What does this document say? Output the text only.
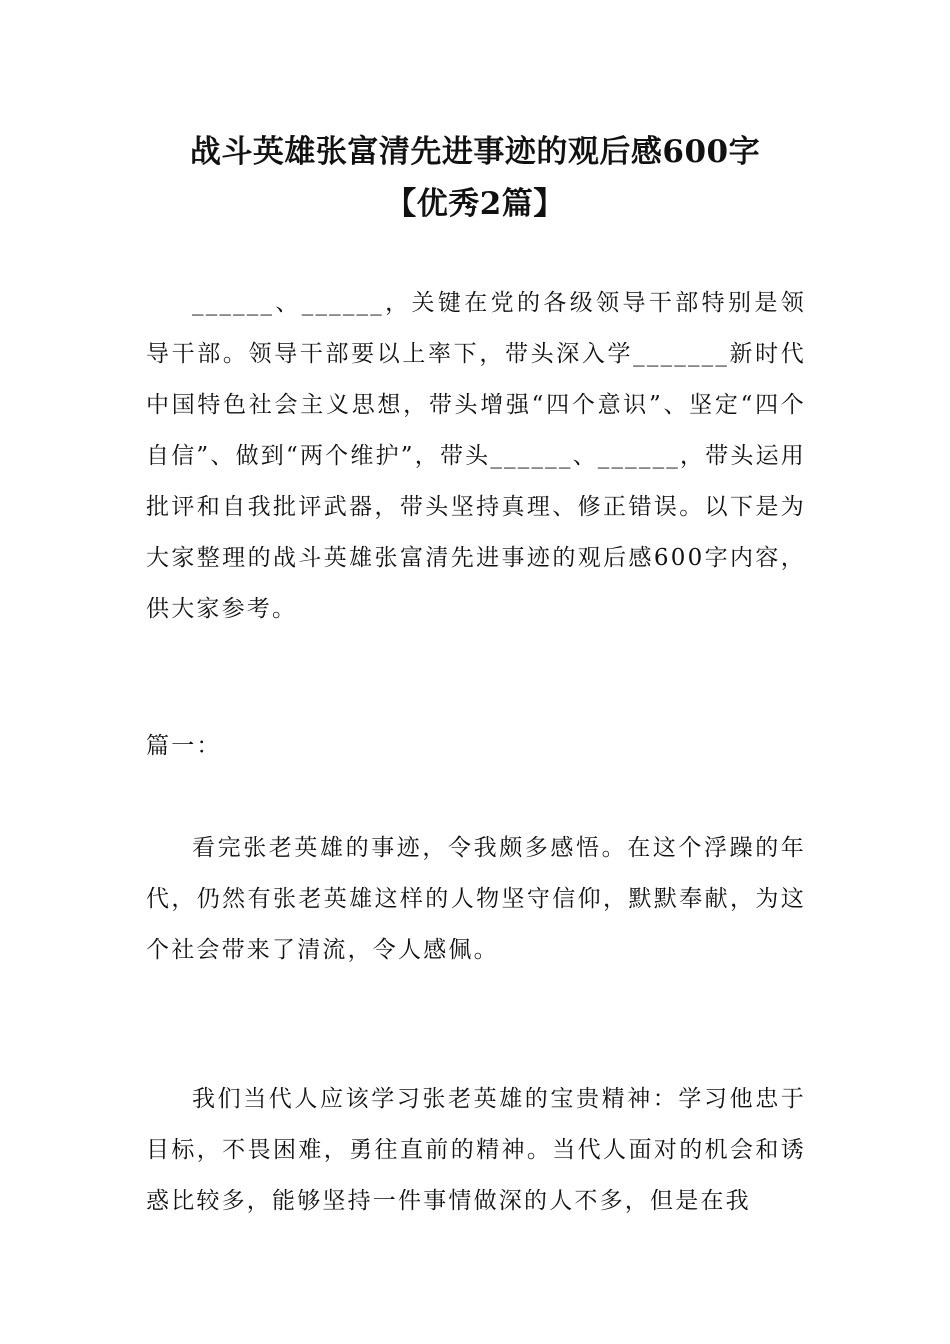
战斗英雄张富清先进事迹的观后感600字
【优秀2篇】

______、______，关键在党的各级领导干部特别是领导干部。领导干部要以上率下，带头深入学_______新时代中国特色社会主义思想，带头增强“四个意识”、坚定“四个自信”、做到“两个维护”，带头______、______，带头运用批评和自我批评武器，带头坚持真理、修正错误。以下是为大家整理的战斗英雄张富清先进事迹的观后感600字内容，供大家参考。

篇一：

看完张老英雄的事迹，令我颇多感悟。在这个浮躁的年代，仍然有张老英雄这样的人物坚守信仰，默默奉献，为这个社会带来了清流，令人感佩。

我们当代人应该学习张老英雄的宝贵精神：学习他忠于目标，不畏困难，勇往直前的精神。当代人面对的机会和诱惑比较多，能够坚持一件事情做深的人不多，但是在我
